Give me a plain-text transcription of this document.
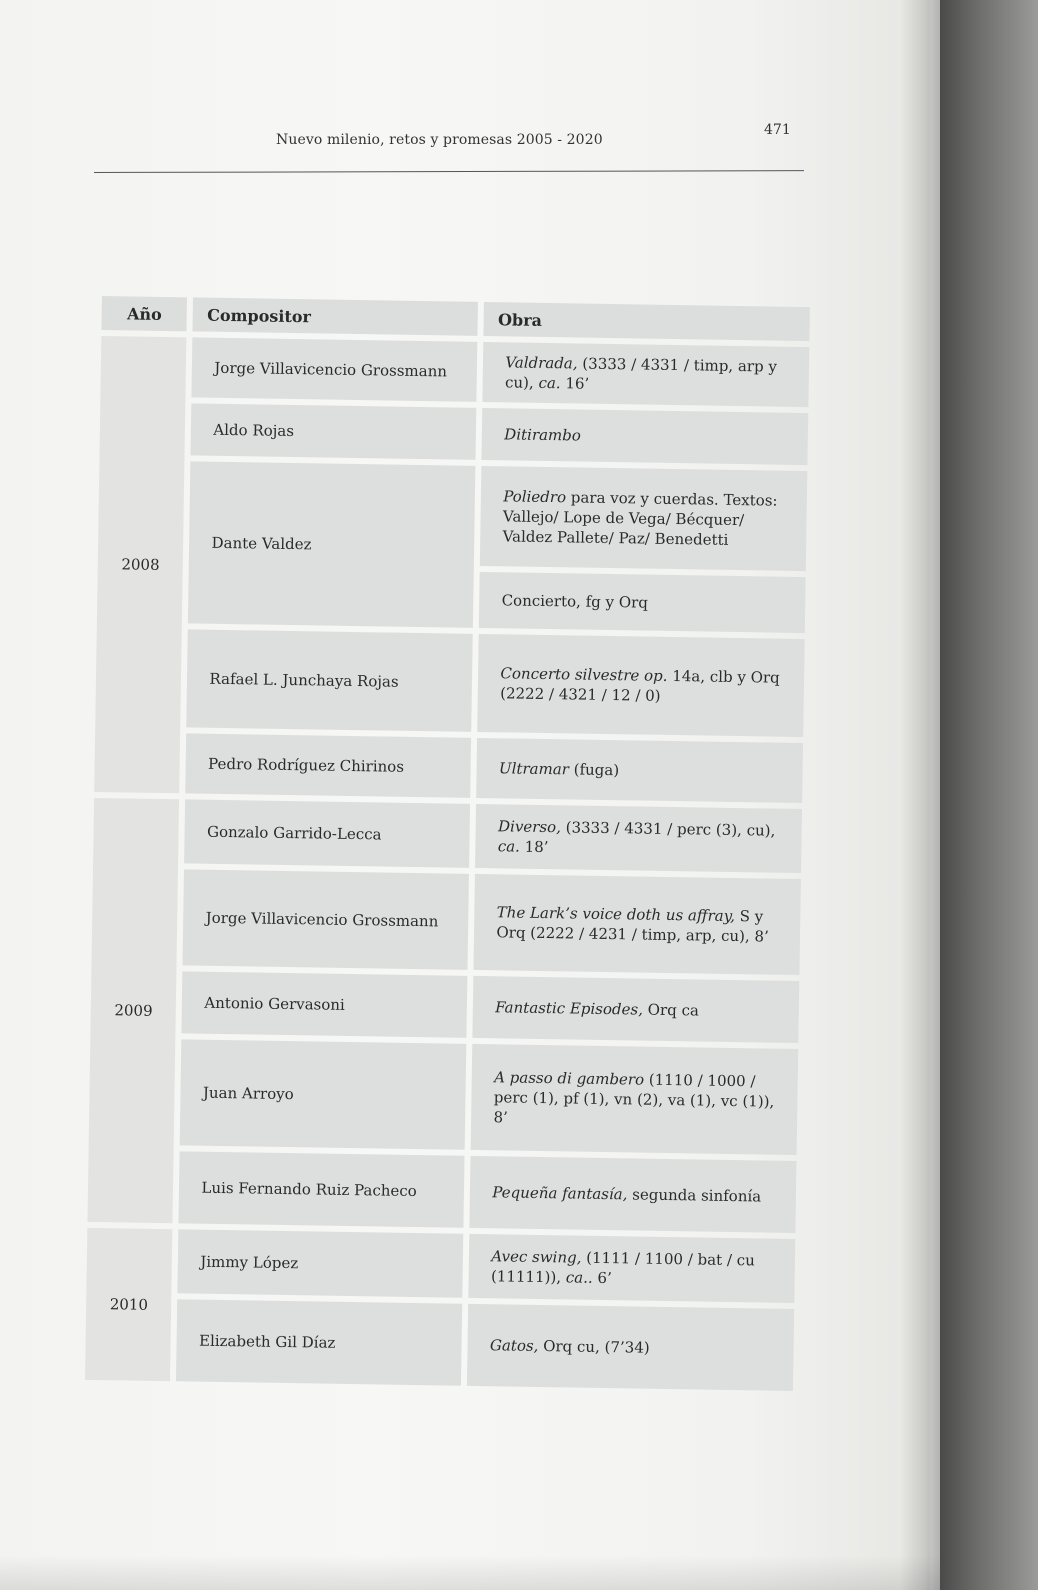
Nuevo milenio, retos y promesas 2005 - 2020
471
Año	Compositor	Obra
2008	Jorge Villavicencio Grossmann	Valdrada, (3333 / 4331 / timp, arp y cu), ca. 16’
	Aldo Rojas	Ditirambo
	Dante Valdez	Poliedro para voz y cuerdas. Textos: Vallejo/ Lope de Vega/ Bécquer/ Valdez Pallete/ Paz/ Benedetti
		Concierto, fg y Orq
	Rafael L. Junchaya Rojas	Concerto silvestre op. 14a, clb y Orq (2222 / 4321 / 12 / 0)
	Pedro Rodríguez Chirinos	Ultramar (fuga)
2009	Gonzalo Garrido-Lecca	Diverso, (3333 / 4331 / perc (3), cu), ca. 18’
	Jorge Villavicencio Grossmann	The Lark’s voice doth us affray, S y Orq (2222 / 4231 / timp, arp, cu), 8’
	Antonio Gervasoni	Fantastic Episodes, Orq ca
	Juan Arroyo	A passo di gambero (1110 / 1000 / perc (1), pf (1), vn (2), va (1), vc (1)), 8’
	Luis Fernando Ruiz Pacheco	Pequeña fantasía, segunda sinfonía
2010	Jimmy López	Avec swing, (1111 / 1100 / bat / cu (11111)), ca.. 6’
	Elizabeth Gil Díaz	Gatos, Orq cu, (7’34)
